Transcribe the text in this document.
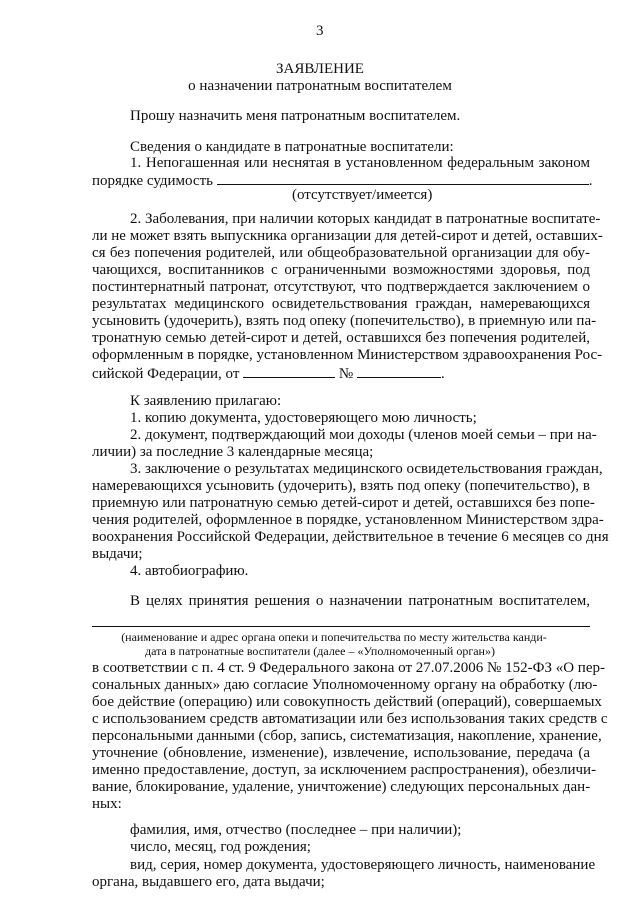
3

ЗАЯВЛЕНИЕ

о назначении патронатным воспитателем

Прошу назначить меня патронатным воспитателем.

Сведения о кандидате в патронатные воспитатели:

1. Непогашенная или неснятая в установленном федеральным законом

порядке судимость	.

(отсутствует/имеется)

2. Заболевания, при наличии которых кандидат в патронатные воспитате-

ли не может взять выпускника организации для детей-сирот и детей, оставших-

ся без попечения родителей, или общеобразовательной организации для обу-

чающихся, воспитанников с ограниченными возможностями здоровья, под

постинтернатный патронат, отсутствуют, что подтверждается заключением о

результатах медицинского освидетельствования граждан, намеревающихся

усыновить (удочерить), взять под опеку (попечительство), в приемную или па-

тронатную семью детей-сирот и детей, оставшихся без попечения родителей,

оформленным в порядке, установленном Министерством здравоохранения Рос-

сийской Федерации, от	№	.

К заявлению прилагаю:

1. копию документа, удостоверяющего мою личность;

2. документ, подтверждающий мои доходы (членов моей семьи – при на-

личии) за последние 3 календарные месяца;

3. заключение о результатах медицинского освидетельствования граждан,

намеревающихся усыновить (удочерить), взять под опеку (попечительство), в

приемную или патронатную семью детей-сирот и детей, оставшихся без попе-

чения родителей, оформленное в порядке, установленном Министерством здра-

воохранения Российской Федерации, действительное в течение 6 месяцев со дня

выдачи;

4. автобиографию.

В целях принятия решения о назначении патронатным воспитателем,

(наименование и адрес органа опеки и попечительства по месту жительства канди-

дата в патронатные воспитатели (далее – «Уполномоченный орган»)

в соответствии с п. 4 ст. 9 Федерального закона от 27.07.2006 № 152-ФЗ «О пер-

сональных данных» даю согласие Уполномоченному органу на обработку (лю-

бое действие (операцию) или совокупность действий (операций), совершаемых

с использованием средств автоматизации или без использования таких средств с

персональными данными (сбор, запись, систематизация, накопление, хранение,

уточнение (обновление, изменение), извлечение, использование, передача (а

именно предоставление, доступ, за исключением распространения), обезличи-

вание, блокирование, удаление, уничтожение) следующих персональных дан-

ных:

фамилия, имя, отчество (последнее – при наличии);

число, месяц, год рождения;

вид, серия, номер документа, удостоверяющего личность, наименование

органа, выдавшего его, дата выдачи;
